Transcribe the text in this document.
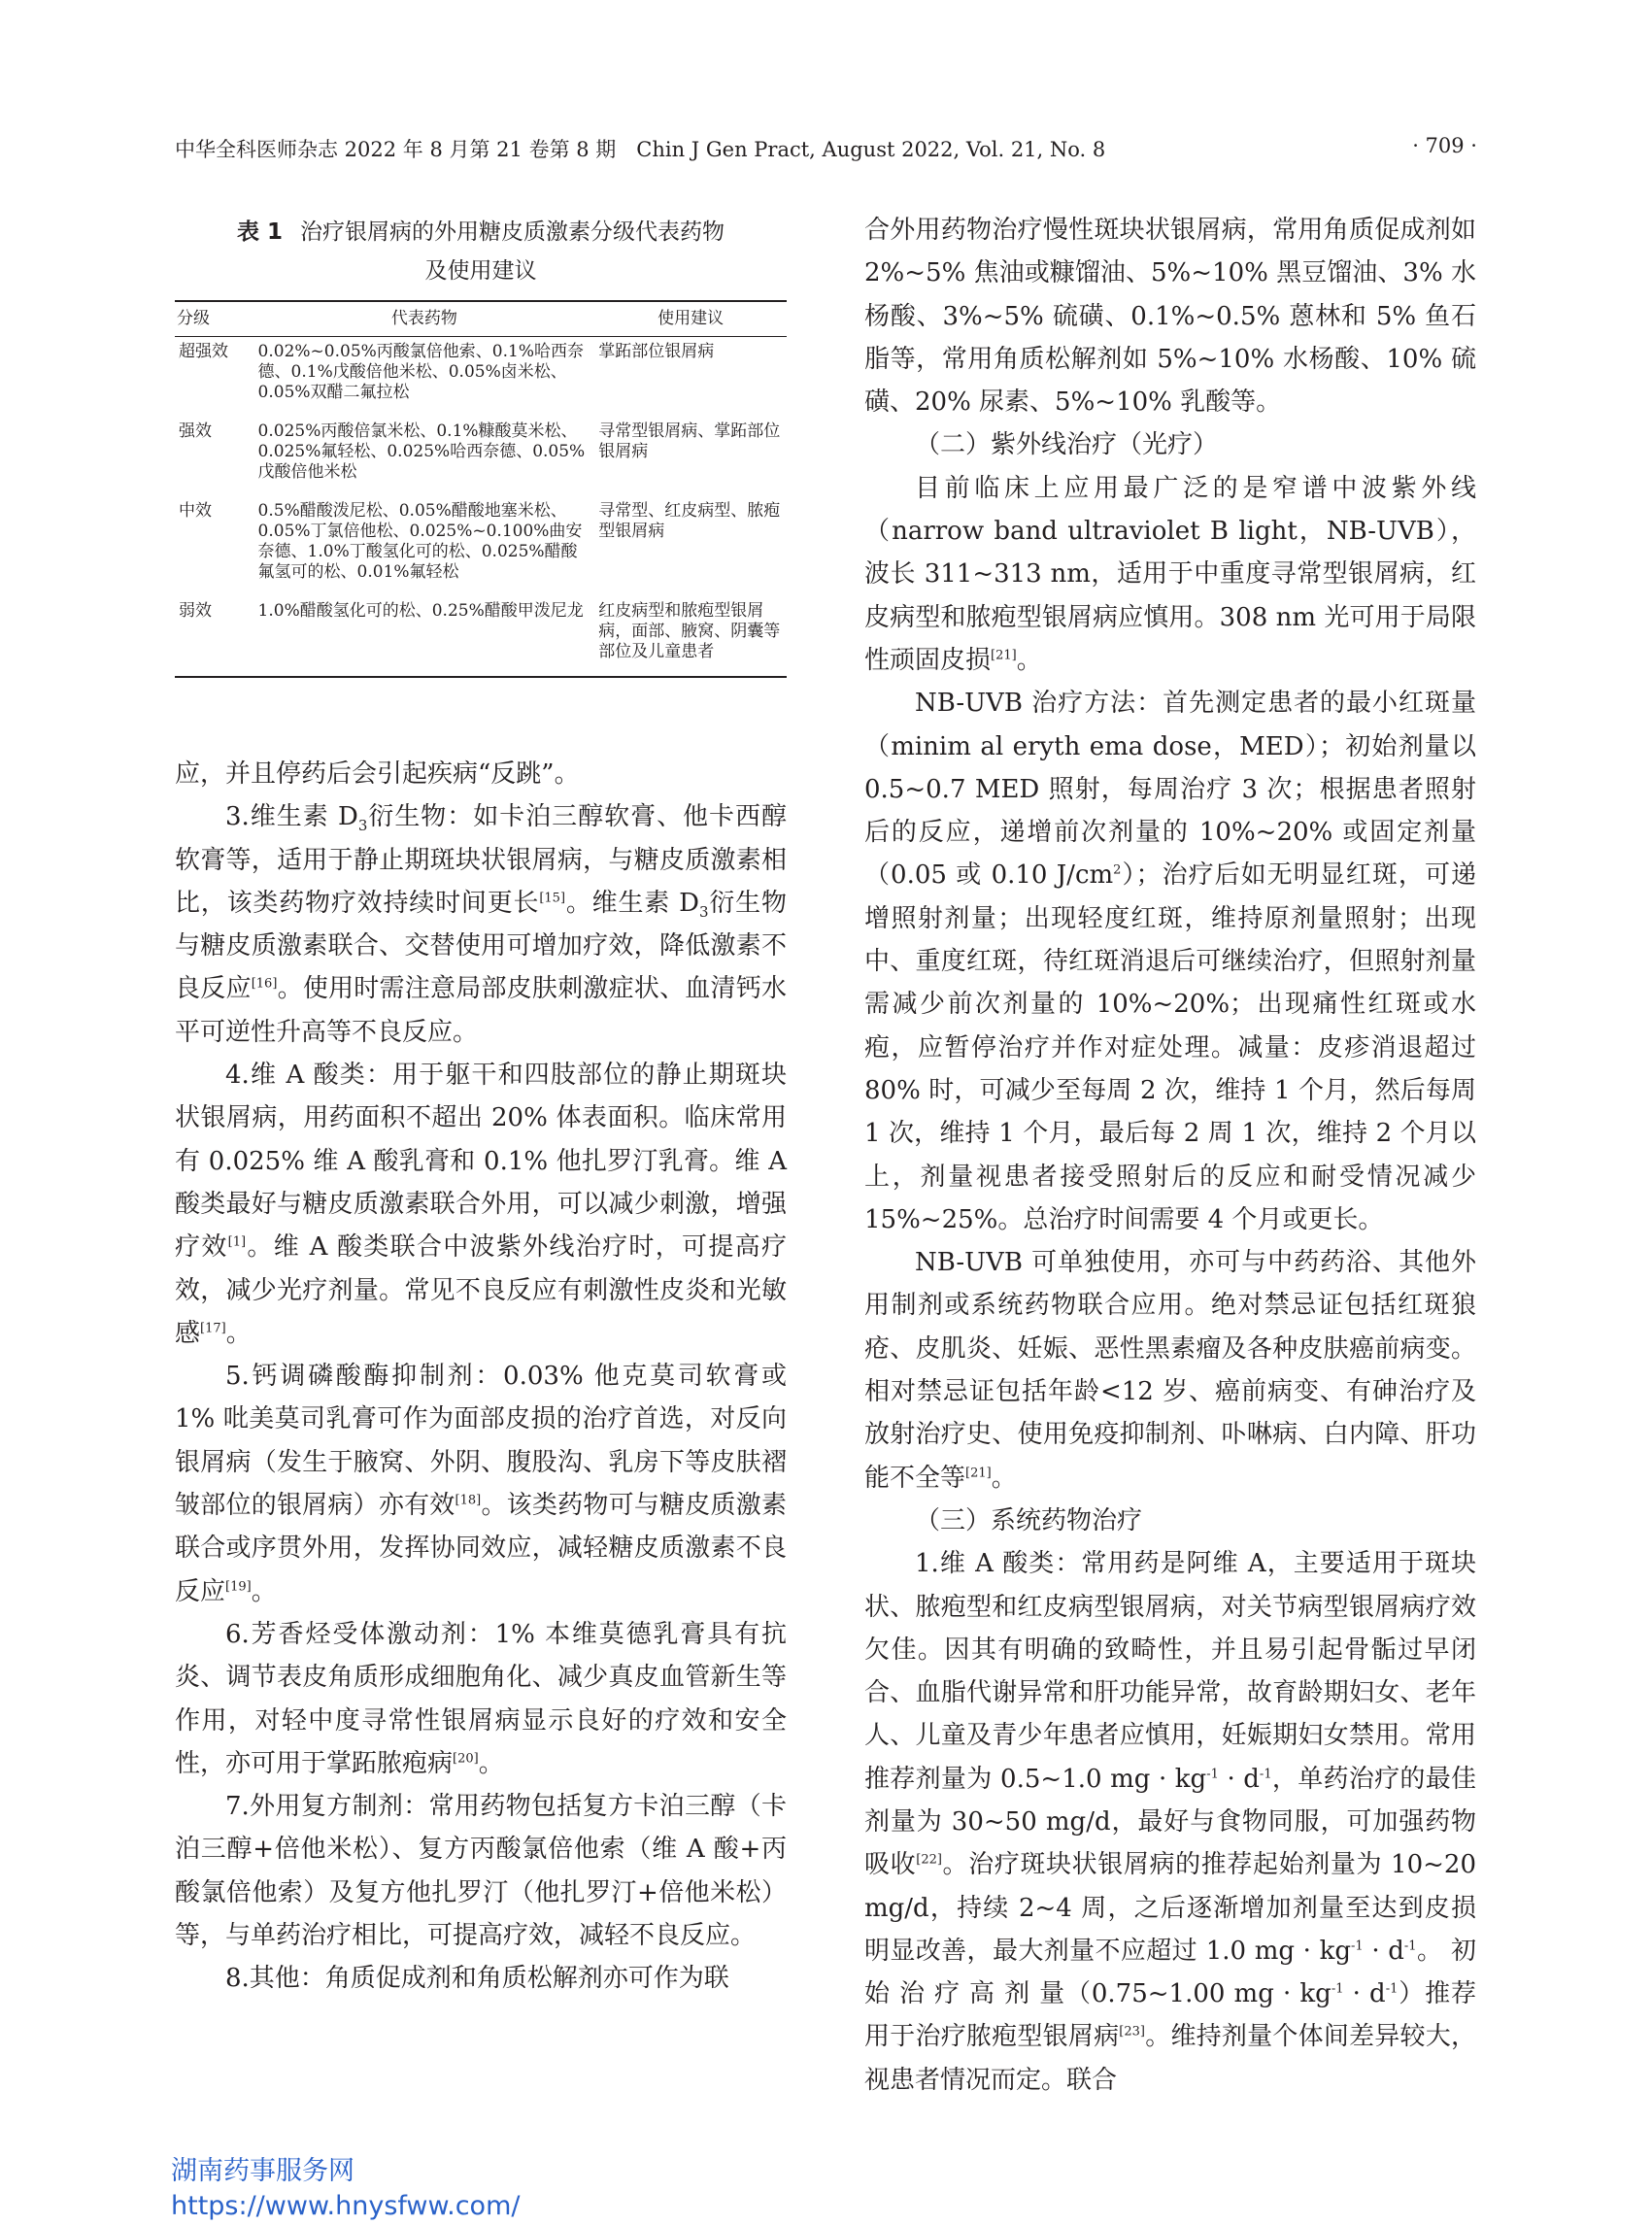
中华全科医师杂志 2022 年 8 月第 21 卷第 8 期　Chin J Gen Pract, August 2022, Vol. 21, No. 8	· 709 ·
表 1 治疗银屑病的外用糖皮质激素分级代表药物
及使用建议
分级	代表药物	使用建议
超强效	0.02%~0.05%丙酸氯倍他索、0.1%哈西奈德、0.1%戊酸倍他米松、0.05%卤米松、0.05%双醋二氟拉松	掌跖部位银屑病
强效	0.025%丙酸倍氯米松、0.1%糠酸莫米松、0.025%氟轻松、0.025%哈西奈德、0.05%戊酸倍他米松	寻常型银屑病、掌跖部位银屑病
中效	0.5%醋酸泼尼松、0.05%醋酸地塞米松、0.05%丁氯倍他松、0.025%~0.100%曲安奈德、1.0%丁酸氢化可的松、0.025%醋酸氟氢可的松、0.01%氟轻松	寻常型、红皮病型、脓疱型银屑病
弱效	1.0%醋酸氢化可的松、0.25%醋酸甲泼尼龙	红皮病型和脓疱型银屑病，面部、腋窝、阴囊等部位及儿童患者

应，并且停药后会引起疾病“反跳”。

3.维生素 $D_3$衍生物：如卡泊三醇软膏、他卡西醇软膏等，适用于静止期斑块状银屑病，与糖皮质激素相比，该类药物疗效持续时间更长[15]。维生素 $D_3$衍生物与糖皮质激素联合、交替使用可增加疗效，降低激素不良反应[16]。使用时需注意局部皮肤刺激症状、血清钙水平可逆性升高等不良反应。

4.维 A 酸类：用于躯干和四肢部位的静止期斑块状银屑病，用药面积不超出 20% 体表面积。临床常用有 0.025% 维 A 酸乳膏和 0.1% 他扎罗汀乳膏。维 A 酸类最好与糖皮质激素联合外用，可以减少刺激，增强疗效[1]。维 A 酸类联合中波紫外线治疗时，可提高疗效，减少光疗剂量。常见不良反应有刺激性皮炎和光敏感[17]。

5.钙调磷酸酶抑制剂：0.03% 他克莫司软膏或 1% 吡美莫司乳膏可作为面部皮损的治疗首选，对反向银屑病（发生于腋窝、外阴、腹股沟、乳房下等皮肤褶皱部位的银屑病）亦有效[18]。该类药物可与糖皮质激素联合或序贯外用，发挥协同效应，减轻糖皮质激素不良反应[19]。

6.芳香烃受体激动剂：1% 本维莫德乳膏具有抗炎、调节表皮角质形成细胞角化、减少真皮血管新生等作用，对轻中度寻常性银屑病显示良好的疗效和安全性，亦可用于掌跖脓疱病[20]。

7.外用复方制剂：常用药物包括复方卡泊三醇（卡泊三醇+倍他米松）、复方丙酸氯倍他索（维 A 酸+丙酸氯倍他索）及复方他扎罗汀（他扎罗汀+倍他米松）等，与单药治疗相比，可提高疗效，减轻不良反应。

8.其他：角质促成剂和角质松解剂亦可作为联

合外用药物治疗慢性斑块状银屑病，常用角质促成剂如 2%~5% 焦油或糠馏油、5%~10% 黑豆馏油、3% 水杨酸、3%~5% 硫磺、0.1%~0.5% 蒽林和 5% 鱼石脂等，常用角质松解剂如 5%~10% 水杨酸、10% 硫磺、20% 尿素、5%~10% 乳酸等。

（二）紫外线治疗（光疗）

目前临床上应用最广泛的是窄谱中波紫外线（narrow band ultraviolet B light，NB-UVB），波长 311~313 nm，适用于中重度寻常型银屑病，红皮病型和脓疱型银屑病应慎用。308 nm 光可用于局限性顽固皮损[21]。

NB-UVB 治疗方法：首先测定患者的最小红斑量（minim al eryth ema dose，MED）；初始剂量以 0.5~0.7 MED 照射，每周治疗 3 次；根据患者照射后的反应，递增前次剂量的 10%~20% 或固定剂量（0.05 或 0.10 $J/cm^2$）；治疗后如无明显红斑，可递增照射剂量；出现轻度红斑，维持原剂量照射；出现中、重度红斑，待红斑消退后可继续治疗，但照射剂量需减少前次剂量的 10%~20%；出现痛性红斑或水疱，应暂停治疗并作对症处理。减量：皮疹消退超过 80% 时，可减少至每周 2 次，维持 1 个月，然后每周 1 次，维持 1 个月，最后每 2 周 1 次，维持 2 个月以上，剂量视患者接受照射后的反应和耐受情况减少 15%~25%。总治疗时间需要 4 个月或更长。

NB-UVB 可单独使用，亦可与中药药浴、其他外用制剂或系统药物联合应用。绝对禁忌证包括红斑狼疮、皮肌炎、妊娠、恶性黑素瘤及各种皮肤癌前病变。相对禁忌证包括年龄<12 岁、癌前病变、有砷治疗及放射治疗史、使用免疫抑制剂、卟啉病、白内障、肝功能不全等[21]。

（三）系统药物治疗

1.维 A 酸类：常用药是阿维 A，主要适用于斑块状、脓疱型和红皮病型银屑病，对关节病型银屑病疗效欠佳。因其有明确的致畸性，并且易引起骨骺过早闭合、血脂代谢异常和肝功能异常，故育龄期妇女、老年人、儿童及青少年患者应慎用，妊娠期妇女禁用。常用推荐剂量为 0.5~1.0 mg · $kg^{-1} \cdot d^{-1}$，单药治疗的最佳剂量为 30~50 mg/d，最好与食物同服，可加强药物吸收[22]。治疗斑块状银屑病的推荐起始剂量为 10~20 mg/d，持续 2~4 周，之后逐渐增加剂量至达到皮损明显改善，最大剂量不应超过 1.0 mg · $kg^{-1} \cdot d^{-1}$。 初 始 治 疗 高 剂 量（0.75~1.00 mg · $kg^{-1} \cdot d^{-1}$）推荐用于治疗脓疱型银屑病[23]。维持剂量个体间差异较大，视患者情况而定。联合

湖南药事服务网
https://www.hnysfww.com/
